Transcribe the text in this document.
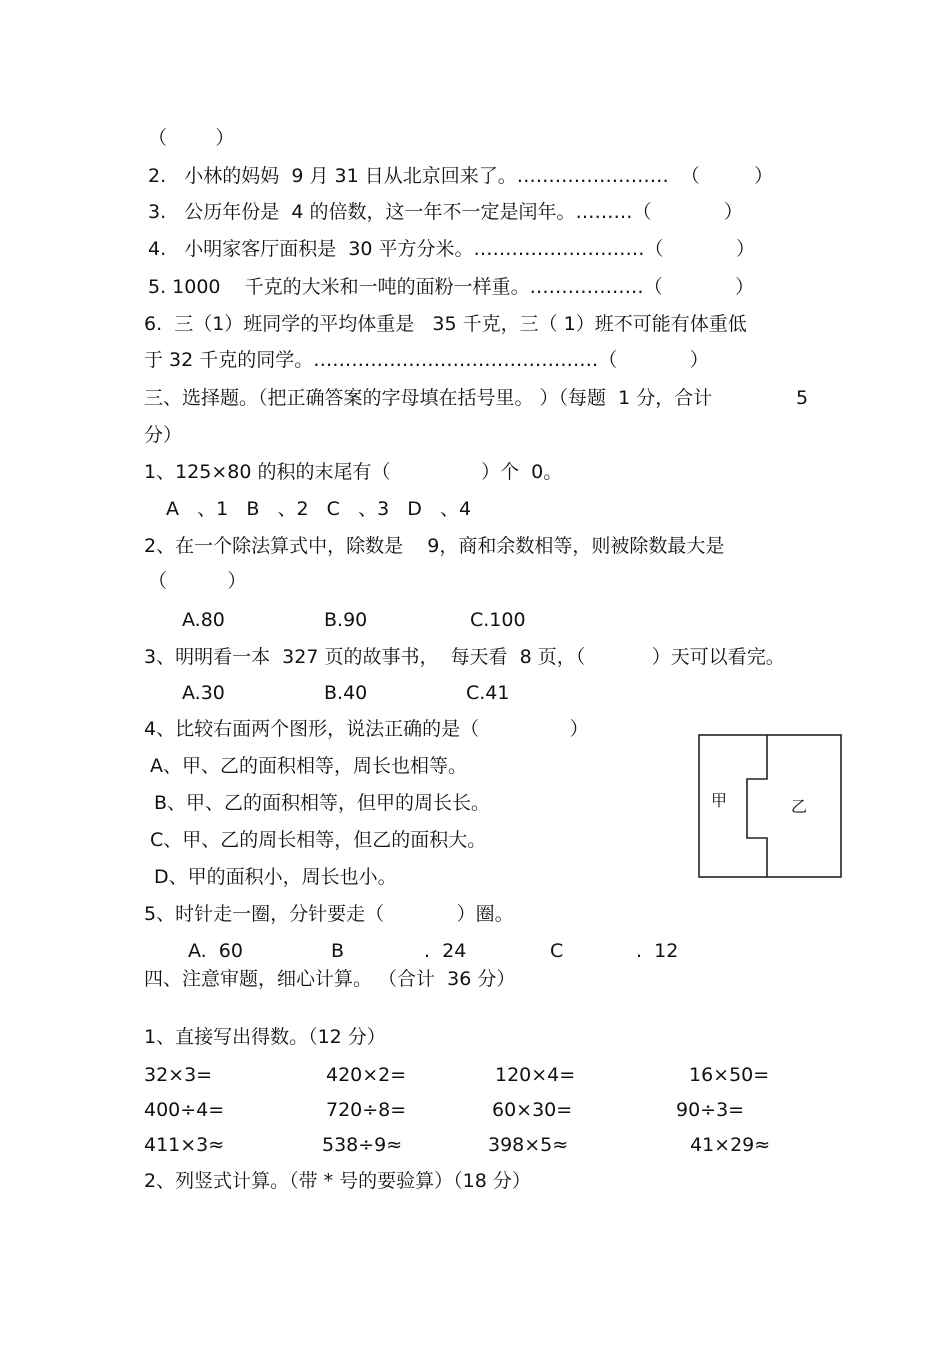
（        ）
2.   小林的妈妈  9 月 31 日从北京回来了。……………………  （         ）
3.   公历年份是  4 的倍数，这一年不一定是闰年。………（            ）
4.   小明家客厅面积是  30 平方分米。………………………（            ）
5. 1000    千克的大米和一吨的面粉一样重。………………（            ）
6.  三（1）班同学的平均体重是   35 千克，三（ 1）班不可能有体重低
于 32 千克的同学。………………………………………（            ）
三、选择题。（把正确答案的字母填在括号里。 ）（每题  1 分，合计	5
分）
1、125×80 的积的末尾有（               ）个  0。
A   、1   B   、2   C   、3   D   、4
2、在一个除法算式中，除数是    9，商和余数相等，则被除数最大是
（          ）
A.80	B.90	C.100
3、明明看一本  327 页的故事书，  每天看  8 页，（           ）天可以看完。
A.30	B.40	C.41
4、比较右面两个图形，说法正确的是（               ）
A、甲、乙的面积相等，周长也相等。
B、甲、乙的面积相等，但甲的周长长。
C、甲、乙的周长相等，但乙的面积大。
D、甲的面积小，周长也小。
5、时针走一圈，分针要走（            ）圈。
A.  60	B	.  24	C	.  12
甲	乙
四、注意审题，细心计算。 （合计  36 分）
1、直接写出得数。（12 分）
32×3=	420×2=	120×4=	16×50=
400÷4=	720÷8=	60×30=	90÷3=
411×3≈	538÷9≈	398×5≈	41×29≈
2、列竖式计算。（带 * 号的要验算）（18 分）
